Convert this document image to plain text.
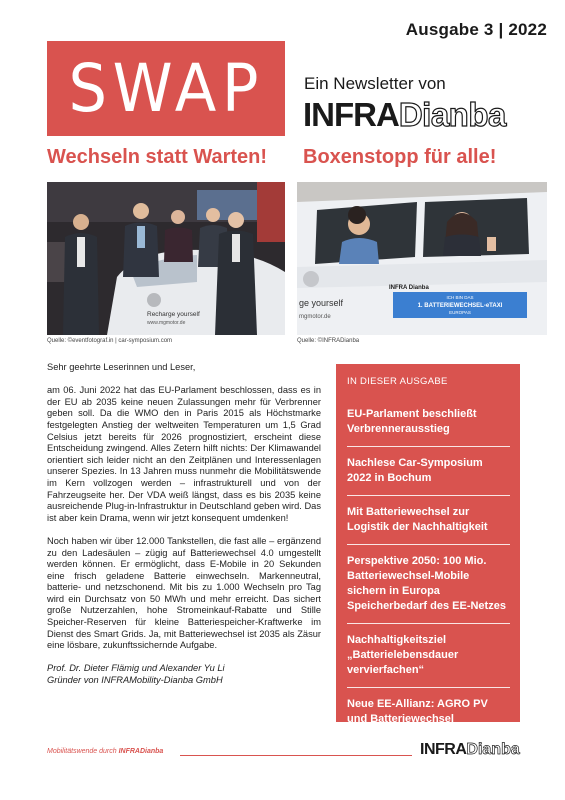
Ausgabe 3 | 2022
SWAP Ein Newsletter von
INFRA Dianba
Wechseln statt Warten! Boxenstopp für alle!
Recharge yourself
www.mgmotor.de
ge yourself
mgmotor.de
INFRA Dianba
ICH BIN DAS
1. BATTERIEWECHSEL-eTAXI
EUROPAS
Quelle: ©eventfotograf.in | car-symposium.com	Quelle: ©INFRADianba

Sehr geehrte Leserinnen und Leser,

am 06. Juni 2022 hat das EU-Parlament beschlossen, dass es in der EU ab 2035 keine neuen Zulassungen mehr für Verbrenner geben soll. Da die WMO den in Paris 2015 als Höchstmarke festgelegten Anstieg der weltweiten Temperaturen um 1,5 Grad Celsius jetzt bereits für 2026 prognostiziert, erscheint diese Entscheidung zwingend. Alles Zetern hilft nichts: Der Klimawandel orientiert sich leider nicht an den Zeitplänen und Interessenlagen unserer Spezies. In 13 Jahren muss nunmehr die Mobilitätswende im Kern vollzogen werden – infrastrukturell und von der Fahrzeugseite her. Der VDA weiß längst, dass es bis 2035 keine ausreichende Plug-in-Infrastruktur in Deutschland geben wird. Das ist aber kein Drama, wenn wir jetzt konsequent umdenken!

Noch haben wir über 12.000 Tankstellen, die fast alle – ergänzend zu den Ladesäulen – zügig auf Batteriewechsel 4.0 umgestellt werden können. Er ermöglicht, dass E-Mobile in 20 Sekunden eine frisch geladene Batterie einwechseln. Markenneutral, batterie- und netzschonend. Mit bis zu 1.000 Wechseln pro Tag wird ein Durchsatz von 50 MWh und mehr erreicht. Das sichert große Nutzerzahlen, hohe Stromeinkauf-Rabatte und Stille Speicher-Reserven für kleine Batteriespeicher-Kraftwerke im Dienst des Smart Grids. Ja, mit Batteriewechsel ist 2035 als Zäsur eine lösbare, zukunftssichernde Aufgabe.

Prof. Dr. Dieter Flämig und Alexander Yu Li

Gründer von INFRAMobility-Dianba GmbH

IN DIESER AUSGABE
EU-Parlament beschließt Verbrennerausstieg
Nachlese Car-Symposium 2022 in Bochum
Mit Batteriewechsel zur Logistik der Nachhaltigkeit
Perspektive 2050: 100 Mio. Batteriewechsel-Mobile sichern in Europa Speicherbedarf des EE-Netzes
Nachhaltigkeitsziel „Batterielebensdauer vervierfachen“
Neue EE-Allianz: AGRO PV und Batteriewechsel
Mobilitätswende durch INFRADianba	INFRA Dianba
